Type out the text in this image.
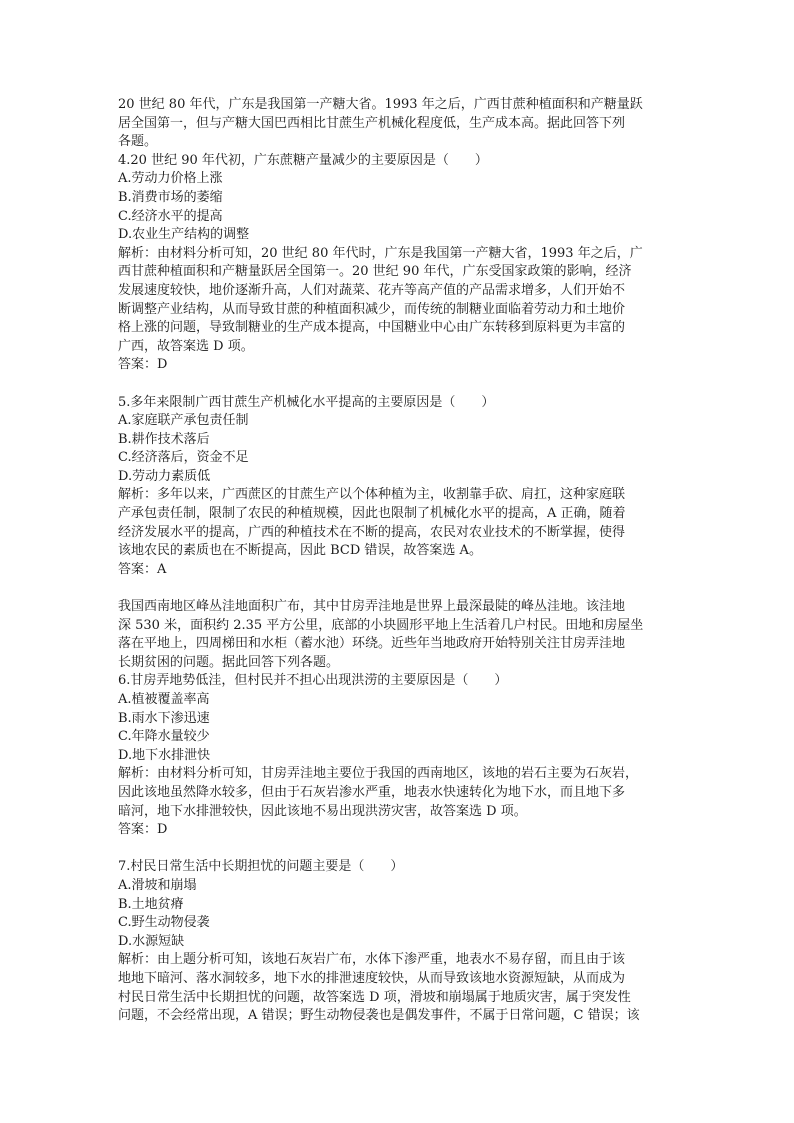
20 世纪 80 年代，广东是我国第一产糖大省。1993 年之后，广西甘蔗种植面积和产糖量跃
居全国第一，但与产糖大国巴西相比甘蔗生产机械化程度低，生产成本高。据此回答下列
各题。
4.20 世纪 90 年代初，广东蔗糖产量减少的主要原因是（　　）
A.劳动力价格上涨
B.消费市场的萎缩
C.经济水平的提高
D.农业生产结构的调整
解析：由材料分析可知，20 世纪 80 年代时，广东是我国第一产糖大省，1993 年之后，广
西甘蔗种植面积和产糖量跃居全国第一。20 世纪 90 年代，广东受国家政策的影响，经济
发展速度较快，地价逐渐升高，人们对蔬菜、花卉等高产值的产品需求增多，人们开始不
断调整产业结构，从而导致甘蔗的种植面积减少，而传统的制糖业面临着劳动力和土地价
格上涨的问题，导致制糖业的生产成本提高，中国糖业中心由广东转移到原料更为丰富的
广西，故答案选 D 项。
答案：D
5.多年来限制广西甘蔗生产机械化水平提高的主要原因是（　　）
A.家庭联产承包责任制
B.耕作技术落后
C.经济落后，资金不足
D.劳动力素质低
解析：多年以来，广西蔗区的甘蔗生产以个体种植为主，收割靠手砍、肩扛，这种家庭联
产承包责任制，限制了农民的种植规模，因此也限制了机械化水平的提高，A 正确，随着
经济发展水平的提高，广西的种植技术在不断的提高，农民对农业技术的不断掌握，使得
该地农民的素质也在不断提高，因此 BCD 错误，故答案选 A。
答案：A
我国西南地区峰丛洼地面积广布，其中甘房弄洼地是世界上最深最陡的峰丛洼地。该洼地
深 530 米，面积约 2.35 平方公里，底部的小块圆形平地上生活着几户村民。田地和房屋坐
落在平地上，四周梯田和水柜（蓄水池）环绕。近些年当地政府开始特别关注甘房弄洼地
长期贫困的问题。据此回答下列各题。
6.甘房弄地势低洼，但村民并不担心出现洪涝的主要原因是（　　）
A.植被覆盖率高
B.雨水下渗迅速
C.年降水量较少
D.地下水排泄快
解析：由材料分析可知，甘房弄洼地主要位于我国的西南地区，该地的岩石主要为石灰岩，
因此该地虽然降水较多，但由于石灰岩渗水严重，地表水快速转化为地下水，而且地下多
暗河，地下水排泄较快，因此该地不易出现洪涝灾害，故答案选 D 项。
答案：D
7.村民日常生活中长期担忧的问题主要是（　　）
A.滑坡和崩塌
B.土地贫瘠
C.野生动物侵袭
D.水源短缺
解析：由上题分析可知，该地石灰岩广布，水体下渗严重，地表水不易存留，而且由于该
地地下暗河、落水洞较多，地下水的排泄速度较快，从而导致该地水资源短缺，从而成为
村民日常生活中长期担忧的问题，故答案选 D 项，滑坡和崩塌属于地质灾害，属于突发性
问题，不会经常出现，A 错误；野生动物侵袭也是偶发事件，不属于日常问题，C 错误；该
